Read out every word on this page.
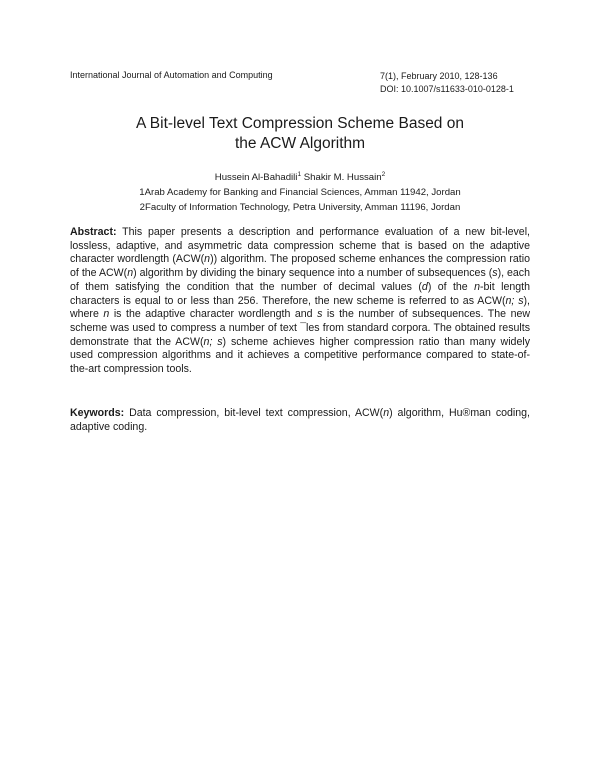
International Journal of Automation and Computing	7(1), February 2010, 128-136
DOI: 10.1007/s11633-010-0128-1
A Bit-level Text Compression Scheme Based on
the ACW Algorithm
Hussein Al-Bahadili$^1$ Shakir M. Hussain$^2$
1Arab Academy for Banking and Financial Sciences, Amman 11942, Jordan
2Faculty of Information Technology, Petra University, Amman 11196, Jordan
Abstract: This paper presents a description and performance evaluation of a new bit-level, lossless, adaptive, and asymmetric data compression scheme that is based on the adaptive character wordlength (ACW(n)) algorithm. The proposed scheme enhances the compression ratio of the ACW(n) algorithm by dividing the binary sequence into a number of subsequences (s), each of them satisfying the condition that the number of decimal values (d) of the n-bit length characters is equal to or less than 256. Therefore, the new scheme is referred to as ACW(n; s), where n is the adaptive character wordlength and s is the number of subsequences. The new scheme was used to compress a number of text ¯les from standard corpora. The obtained results demonstrate that the ACW(n; s) scheme achieves higher compression ratio than many widely used compression algorithms and it achieves a competitive performance compared to state-of-the-art compression tools.
Keywords: Data compression, bit-level text compression, ACW(n) algorithm, Hu®man coding, adaptive coding.
